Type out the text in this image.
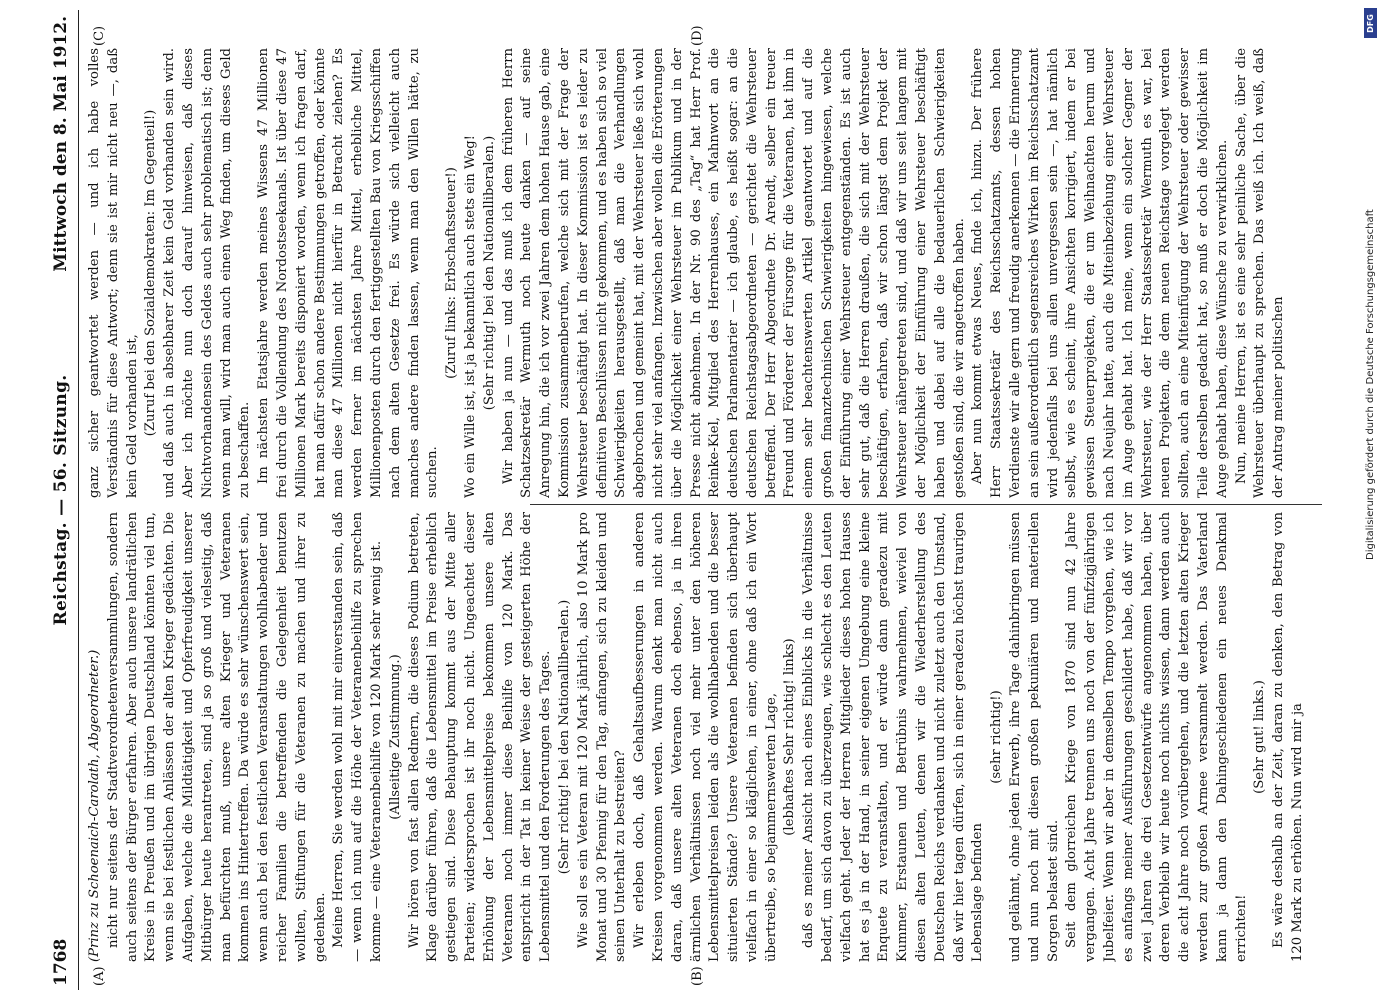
1768
Reichstag. — 56. Sitzung.
Mittwoch den 8. Mai 1912.
(A)	(B)
(C)	(D)

(Prinz zu Schoenaich-Carolath, Abgeordneter.) nicht nur seitens der Stadtverordnetenversammlungen, sondern auch seitens der Bürger erfahren. Aber auch unsere landrätlichen Kreise in Preußen und im übrigen Deutschland könnten viel tun, wenn sie bei festlichen Anlässen der alten Krieger gedächten. Die Aufgaben, welche die Mildtätigkeit und Opferfreudigkeit unserer Mitbürger heute herantreten, sind ja so groß und vielseitig, daß man befürchten muß, unsere alten Krieger und Veteranen kommen ins Hintertreffen. Da würde es sehr wünschenswert sein, wenn auch bei den festlichen Veranstaltungen wohlhabender und reicher Familien die betreffenden die Gelegenheit benutzen wollten, Stiftungen für die Veteranen zu machen und ihrer zu gedenken. Meine Herren, Sie werden wohl mit mir einverstanden sein, daß — wenn ich nun auf die Höhe der Veteranenbeihilfe zu sprechen komme — eine Veteranenbeihilfe von 120 Mark sehr wenig ist. (Allseitige Zustimmung.) Wir hören von fast allen Rednern, die dieses Podium betreten, Klage darüber führen, daß die Lebensmittel im Preise erheblich gestiegen sind. Diese Behauptung kommt aus der Mitte aller Parteien; widersprochen ist ihr noch nicht. Ungeachtet dieser Erhöhung der Lebensmittelpreise bekommen unsere alten Veteranen noch immer diese Beihilfe von 120 Mark. Das entspricht in der Tat in keiner Weise der gesteigerten Höhe der Lebensmittel und den Forderungen des Tages. (Sehr richtig! bei den Nationalliberalen.) Wie soll es ein Veteran mit 120 Mark jährlich, also 10 Mark pro Monat und 30 Pfennig für den Tag, anfangen, sich zu kleiden und seinen Unterhalt zu bestreiten? Wir erleben doch, daß Gehaltsaufbesserungen in anderen Kreisen vorgenommen werden. Warum denkt man nicht auch daran, daß unsere alten Veteranen doch ebenso, ja in ihren ärmlichen Verhältnissen noch viel mehr unter den höheren Lebensmittelpreisen leiden als die wohlhabenden und die besser situierten Stände? Unsere Veteranen befinden sich überhaupt vielfach in einer so kläglichen, in einer, ohne daß ich ein Wort übertreibe, so bejammernswerten Lage, (lebhaftes Sehr richtig! links) daß es meiner Ansicht nach eines Einblicks in die Verhältnisse bedarf, um sich davon zu überzeugen, wie schlecht es den Leuten vielfach geht. Jeder der Herren Mitglieder dieses hohen Hauses hat es ja in der Hand, in seiner eigenen Umgebung eine kleine Enquete zu veranstalten, und er würde dann geradezu mit Kummer, Erstaunen und Betrübnis wahrnehmen, wieviel von diesen alten Leuten, denen wir die Wiederherstellung des Deutschen Reichs verdanken und nicht zuletzt auch den Umstand, daß wir hier tagen dürfen, sich in einer geradezu höchst traurigen Lebenslage befinden

(sehr richtig!) und gelähmt, ohne jeden Erwerb, ihre Tage dahinbringen müssen und nun noch mit diesen großen pekuniären und materiellen Sorgen belastet sind. Seit dem glorreichen Kriege von 1870 sind nun 42 Jahre vergangen. Acht Jahre trennen uns noch von der fünfzigjährigen Jubelfeier. Wenn wir aber in demselben Tempo vorgehen, wie ich es anfangs meiner Ausführungen geschildert habe, daß wir vor zwei Jahren die drei Gesetzentwürfe angenommen haben, über deren Verbleib wir heute noch nichts wissen, dann werden auch die acht Jahre noch vorübergehen, und die letzten alten Krieger werden zur großen Armee versammelt werden. Das Vaterland kann ja dann den Dahingeschiedenen ein neues Denkmal errichten!

(Sehr gut! links.) Es wäre deshalb an der Zeit, daran zu denken, den Betrag von 120 Mark zu erhöhen. Nun wird mir ja

ganz sicher geantwortet werden — und ich habe volles Verständnis für diese Antwort; denn sie ist mir nicht neu —, daß kein Geld vorhanden ist, (Zuruf bei den Sozialdemokraten: Im Gegenteil!) und daß auch in absehbarer Zeit kein Geld vorhanden sein wird. Aber ich möchte nun doch darauf hinweisen, daß dieses Nichtvorhandensein des Geldes auch sehr problematisch ist; denn wenn man will, wird man auch einen Weg finden, um dieses Geld zu beschaffen. Im nächsten Etatsjahre werden meines Wissens 47 Millionen frei durch die Vollendung des Nordostseekanals. Ist über diese 47 Millionen Mark bereits disponiert worden, wenn ich fragen darf, hat man dafür schon andere Bestimmungen getroffen, oder könnte man diese 47 Millionen nicht hierfür in Betracht ziehen? Es werden ferner im nächsten Jahre Mittel, erhebliche Mittel, Millionenposten durch den fertiggestellten Bau von Kriegsschiffen nach dem alten Gesetze frei. Es würde sich vielleicht auch manches andere finden lassen, wenn man den Willen hätte, zu suchen.

(Zuruf links: Erbschaftssteuer!) Wo ein Wille ist, ist ja bekanntlich auch stets ein Weg! (Sehr richtig! bei den Nationalliberalen.) Wir haben ja nun — und das muß ich dem früheren Herrn Schatzsekretär Wermuth noch heute danken — auf seine Anregung hin, die ich vor zwei Jahren dem hohen Hause gab, eine Kommission zusammenberufen, welche sich mit der Frage der Wehrsteuer beschäftigt hat. In dieser Kommission ist es leider zu definitiven Beschlüssen nicht gekommen, und es haben sich so viel Schwierigkeiten herausgestellt, daß man die Verhandlungen abgebrochen und gemeint hat, mit der Wehrsteuer ließe sich wohl nicht sehr viel anfangen. Inzwischen aber wollen die Erörterungen über die Möglichkeit einer Wehrsteuer im Publikum und in der Presse nicht abnehmen. In der Nr. 90 des „Tag“ hat Herr Prof. Reinke-Kiel, Mitglied des Herrenhauses, ein Mahnwort an die deutschen Parlamentarier — ich glaube, es heißt sogar: an die deutschen Reichstagsabgeordneten — gerichtet die Wehrsteuer betreffend. Der Herr Abgeordnete Dr. Arendt, selber ein treuer Freund und Förderer der Fürsorge für die Veteranen, hat ihm in einem sehr beachtenswerten Artikel geantwortet und auf die großen finanztechnischen Schwierigkeiten hingewiesen, welche der Einführung einer Wehrsteuer entgegenständen. Es ist auch sehr gut, daß die Herren draußen, die sich mit der Wehrsteuer beschäftigen, erfahren, daß wir schon längst dem Projekt der Wehrsteuer nähergetreten sind, und daß wir uns seit langem mit der Möglichkeit der Einführung einer Wehrsteuer beschäftigt haben und dabei auf alle die bedauerlichen Schwierigkeiten gestoßen sind, die wir angetroffen haben. Aber nun kommt etwas Neues, finde ich, hinzu. Der frühere Herr Staatssekretär des Reichsschatzamts, dessen hohen Verdienste wir alle gern und freudig anerkennen — die Erinnerung an sein außerordentlich segensreiches Wirken im Reichsschatzamt wird jedenfalls bei uns allen unvergessen sein —, hat nämlich selbst, wie es scheint, ihre Ansichten korrigiert, indem er bei gewissen Steuerprojekten, die er um Weihnachten herum und nach Neujahr hatte, auch die Miteinbeziehung einer Wehrsteuer im Auge gehabt hat. Ich meine, wenn ein solcher Gegner der Wehrsteuer, wie der Herr Staatssekretär Wermuth es war, bei neuen Projekten, die dem neuen Reichstage vorgelegt werden sollten, auch an eine Miteinfügung der Wehrsteuer oder gewisser Teile derselben gedacht hat, so muß er doch die Möglichkeit im Auge gehabt haben, diese Wünsche zu verwirklichen. Nun, meine Herren, ist es eine sehr peinliche Sache, über die Wehrsteuer überhaupt zu sprechen. Das weiß ich. Ich weiß, daß der Antrag meiner politischen

DFG
Digitalisierung gefördert durch die Deutsche Forschungsgemeinschaft
